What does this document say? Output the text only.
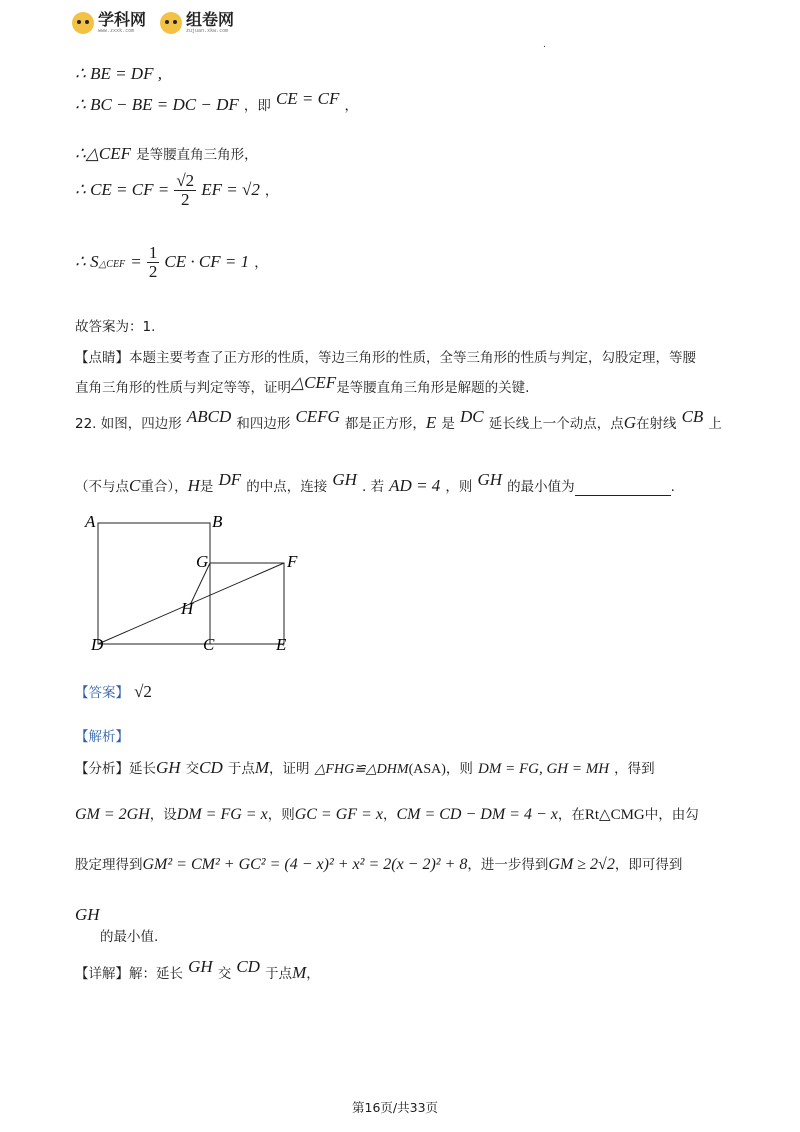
学科网
www.zxxk.com
组卷网
zujuan.xkw.com
.
∴ BE = DF ,
∴ BC − BE = DC − DF ，即 CE = CF ，
∴△CEF 是等腰直角三角形，
∴ CE = CF = $\frac{√2}{2}$ EF = √2 ，
∴ S△CEF = $\frac{1}{2}$ CE · CF = 1 ，
故答案为：1.
【点睛】本题主要考查了正方形的性质，等边三角形的性质，全等三角形的性质与判定，勾股定理，等腰
直角三角形的性质与判定等等，证明△CEF是等腰直角三角形是解题的关键.
22. 如图，四边形 ABCD 和四边形 CEFG 都是正方形，E 是 DC 延长线上一个动点，点G在射线 CB 上
（不与点C重合），H是 DF 的中点，连接 GH . 若 AD = 4 ，则 GH 的最小值为	.
A	B
G	F
H
D	C	E
【答案】 √2
【解析】
【分析】延长GH 交CD 于点M，证明 △FHG≌△DHM(ASA)，则 DM = FG, GH = MH ，得到
GM = 2GH，设DM = FG = x，则GC = GF = x，CM = CD − DM = 4 − x，在Rt△CMG中，由勾
股定理得到GM² = CM² + GC² = (4 − x)² + x² = 2(x − 2)² + 8，进一步得到GM ≥ 2√2，即可得到
GH
的最小值.
【详解】解：延长 GH 交 CD 于点M，
第16页/共33页
